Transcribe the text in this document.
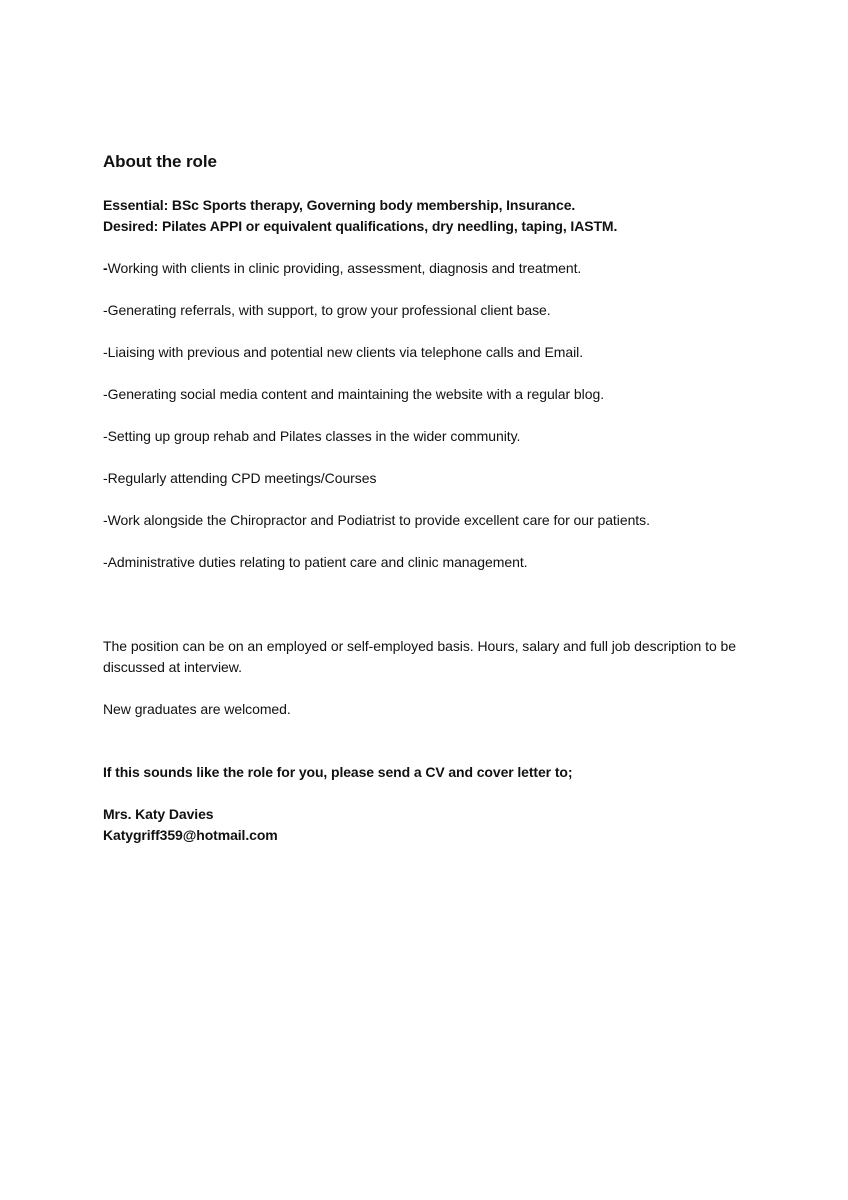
About the role

Essential: BSc Sports therapy, Governing body membership, Insurance.

Desired: Pilates APPI or equivalent qualifications, dry needling, taping, IASTM.

-Working with clients in clinic providing, assessment, diagnosis and treatment.

-Generating referrals, with support, to grow your professional client base.

-Liaising with previous and potential new clients via telephone calls and Email.

-Generating social media content and maintaining the website with a regular blog.

-Setting up group rehab and Pilates classes in the wider community.

-Regularly attending CPD meetings/Courses

-Work alongside the Chiropractor and Podiatrist to provide excellent care for our patients.

-Administrative duties relating to patient care and clinic management.

The position can be on an employed or self-employed basis. Hours, salary and full job description to be discussed at interview.

New graduates are welcomed.

If this sounds like the role for you, please send a CV and cover letter to;

Mrs. Katy Davies

Katygriff359@hotmail.com
